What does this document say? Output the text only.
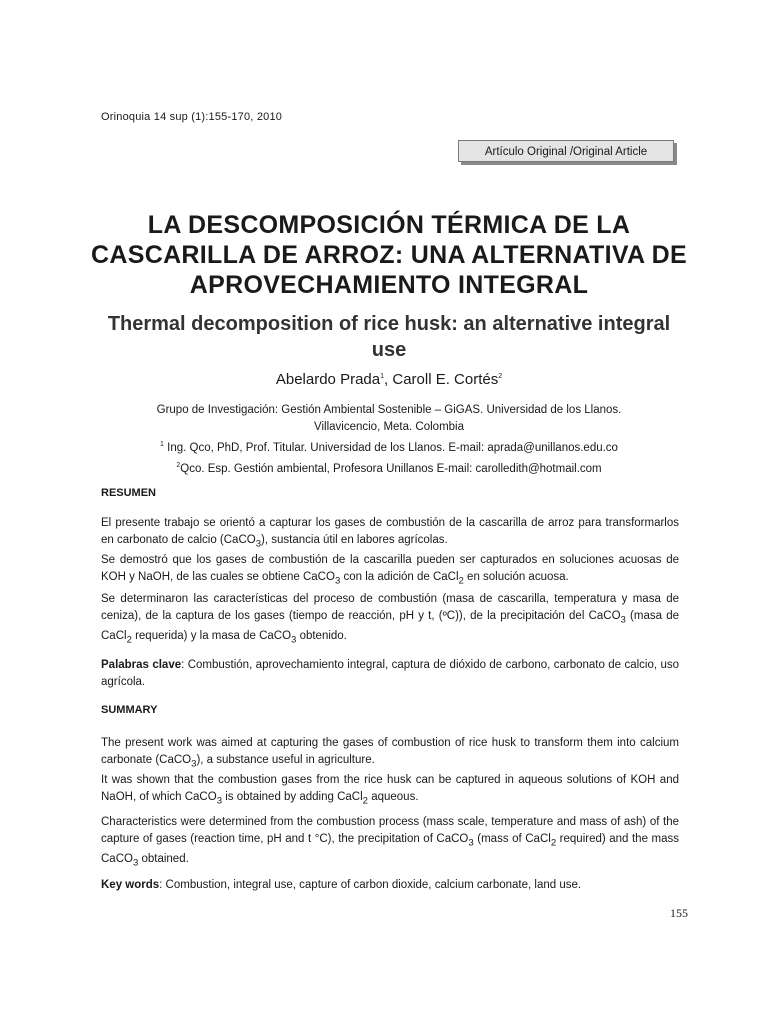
Orinoquia 14 sup (1):155-170, 2010
Artículo Original /Original Article
LA DESCOMPOSICIÓN TÉRMICA DE LA CASCARILLA DE ARROZ: UNA ALTERNATIVA DE APROVECHAMIENTO INTEGRAL
Thermal decomposition of rice husk: an alternative integral use
Abelardo Prada$^1$, Caroll E. Cortés$^2$
Grupo de Investigación: Gestión Ambiental Sostenible – GiGAS. Universidad de los Llanos.
Villavicencio, Meta. Colombia
$^1$ Ing. Qco, PhD, Prof. Titular. Universidad de los Llanos. E-mail: aprada@unillanos.edu.co
$^2$Qco. Esp. Gestión ambiental, Profesora Unillanos E-mail: carolledith@hotmail.com
RESUMEN
El presente trabajo se orientó a capturar los gases de combustión de la cascarilla de arroz para transformarlos en carbonato de calcio (CaCO$_3$), sustancia útil en labores agrícolas.
Se demostró que los gases de combustión de la cascarilla pueden ser capturados en soluciones acuosas de KOH y NaOH, de las cuales se obtiene CaCO$_3$ con la adición de CaCl$_2$ en solución acuosa.
Se determinaron las características del proceso de combustión (masa de cascarilla, temperatura y masa de ceniza), de la captura de los gases (tiempo de reacción, pH y t, (ºC)), de la precipitación del CaCO$_3$ (masa de CaCl$_2$ requerida) y la masa de CaCO$_3$ obtenido.
Palabras clave: Combustión, aprovechamiento integral, captura de dióxido de carbono, carbonato de calcio, uso agrícola.
SUMMARY
The present work was aimed at capturing the gases of combustion of rice husk to transform them into calcium carbonate (CaCO$_3$), a substance useful in agriculture.
It was shown that the combustion gases from the rice husk can be captured in aqueous solutions of KOH and NaOH, of which CaCO$_3$ is obtained by adding CaCl$_2$ aqueous.
Characteristics were determined from the combustion process (mass scale, temperature and mass of ash) of the capture of gases (reaction time, pH and t °C), the precipitation of CaCO$_3$ (mass of CaCl$_2$ required) and the mass CaCO$_3$ obtained.
Key words: Combustion, integral use, capture of carbon dioxide, calcium carbonate, land use.
155
